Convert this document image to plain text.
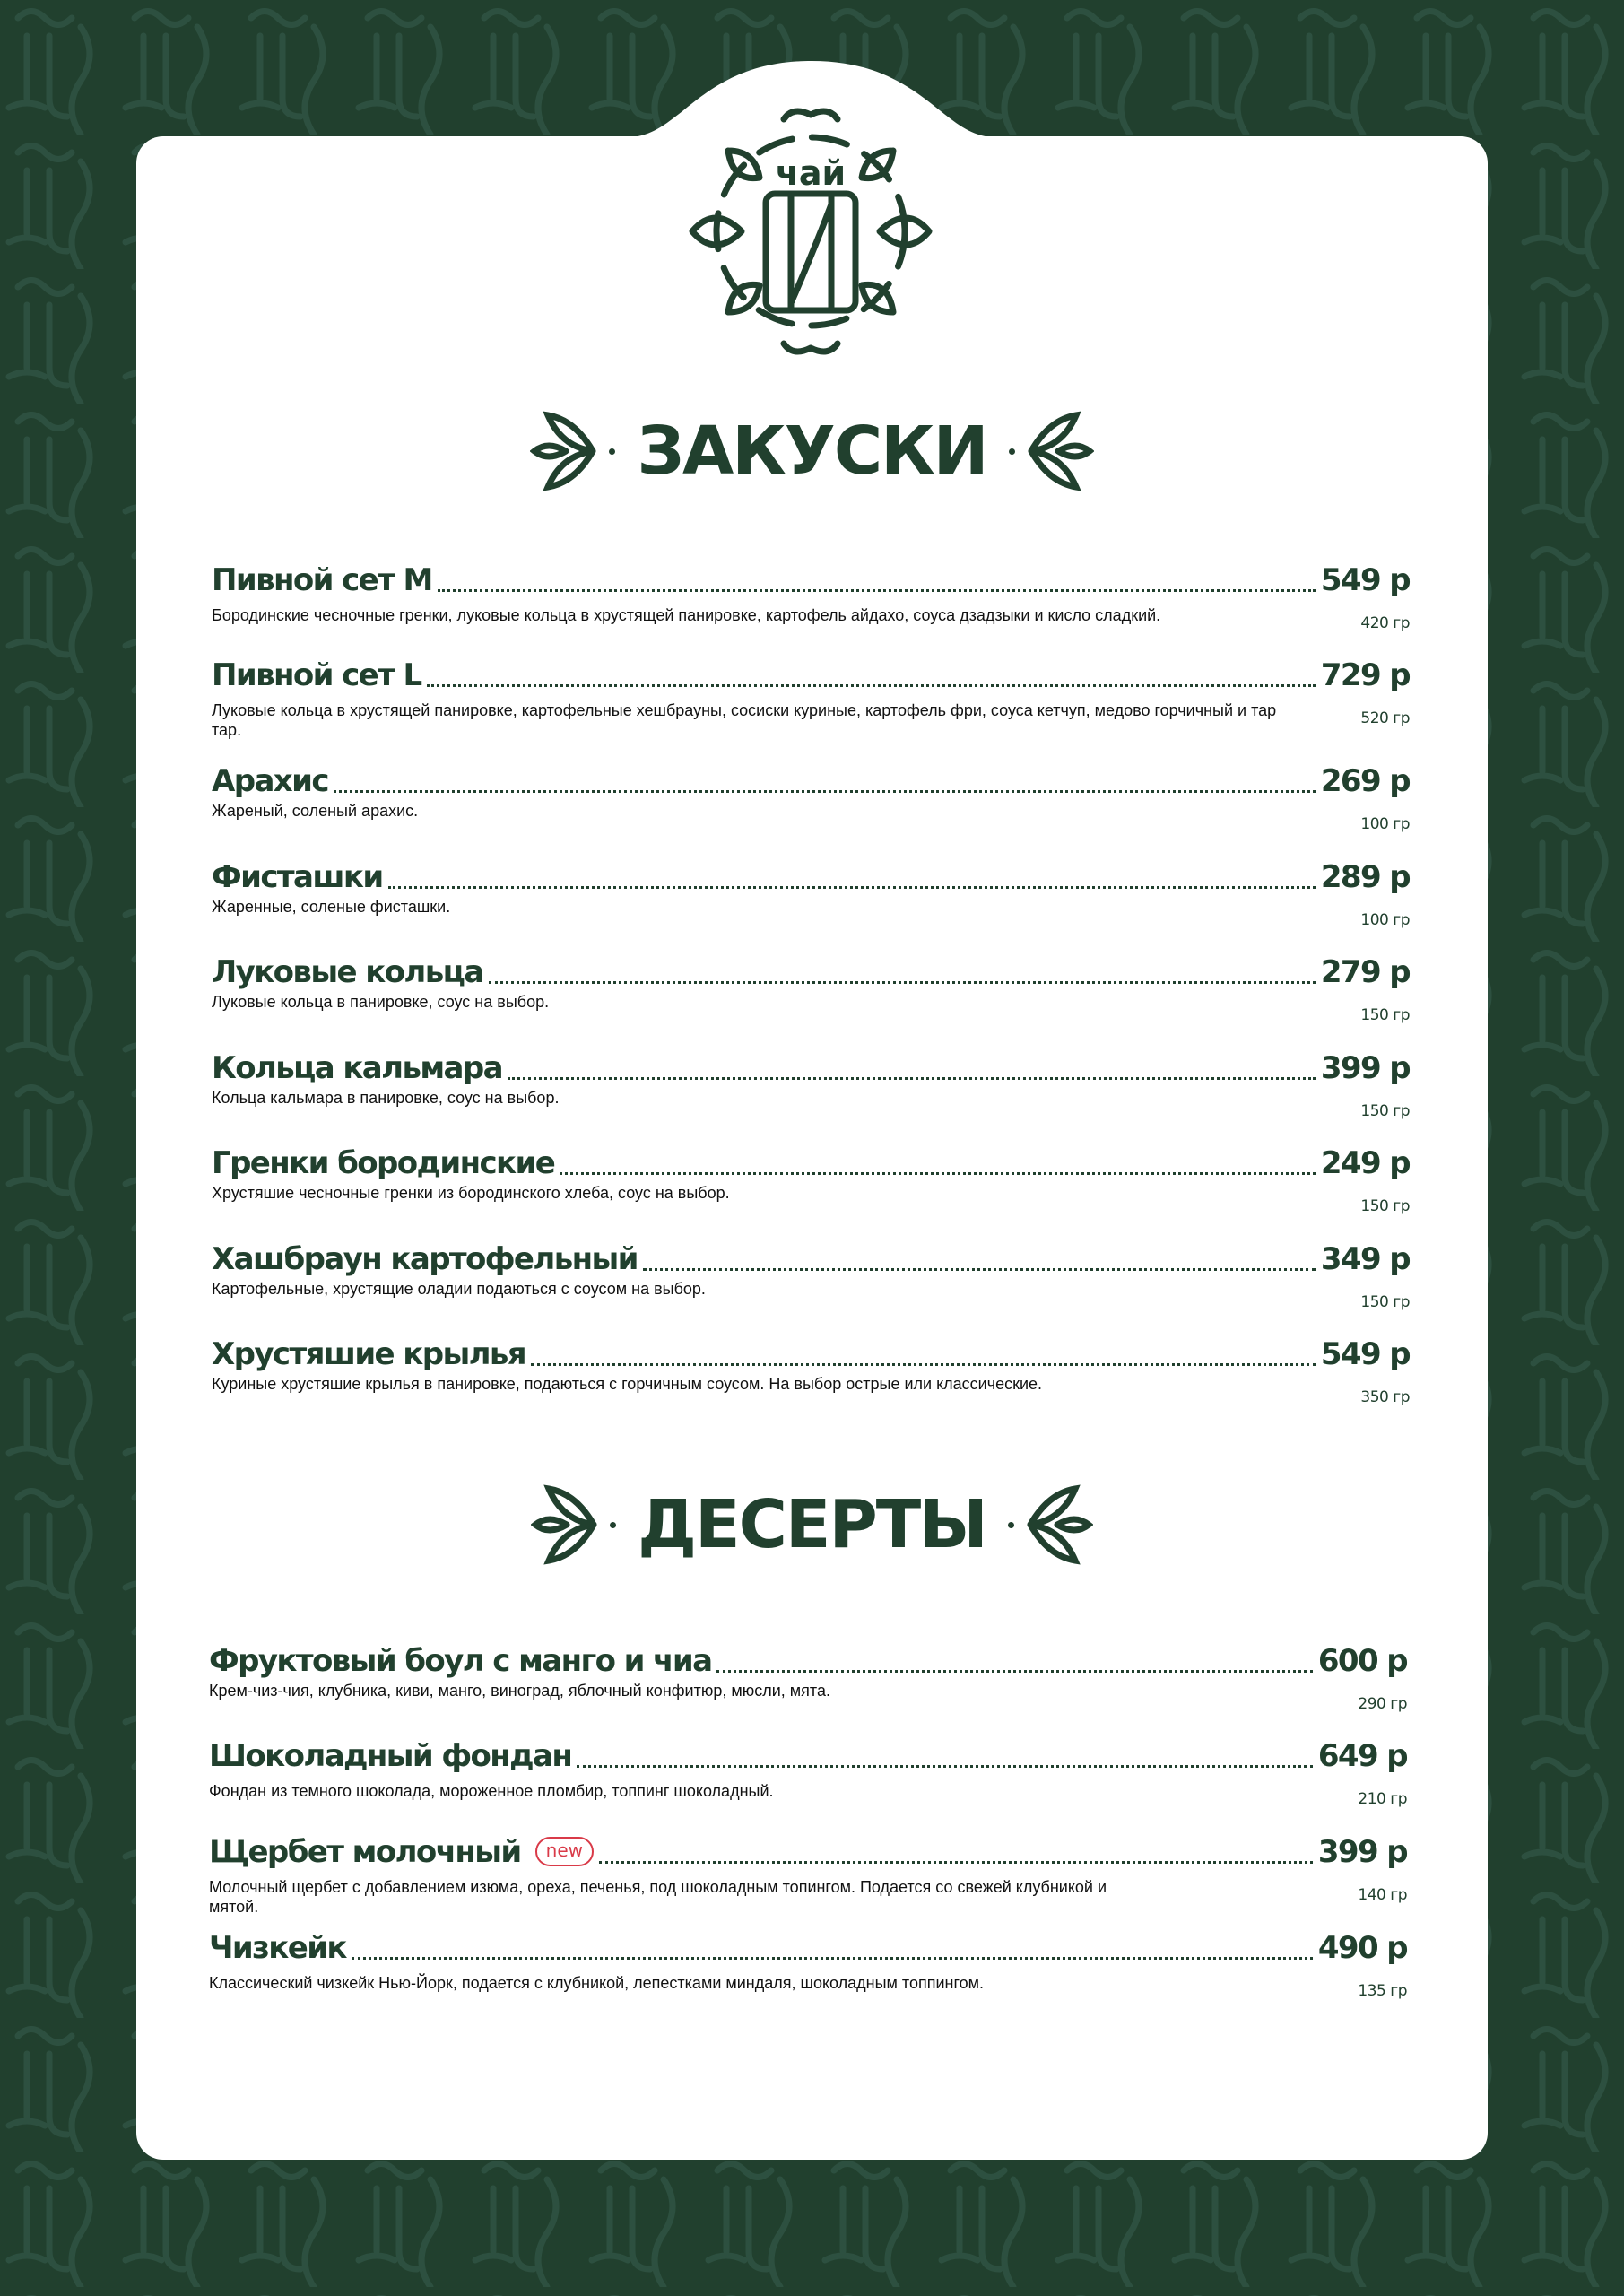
чай
ЗАКУСКИ
Пивной сет M	549 р
Бородинские чесночные гренки, луковые кольца в хрустящей панировке, картофель айдахо, соуса дзадзыки и кисло сладкий.	420 гр
Пивной сет L	729 р
Луковые кольца в хрустящей панировке, картофельные хешбрауны, сосиски куриные, картофель фри, соуса кетчуп, медово горчичный и тар тар.
520 гр
Арахис	269 р
Жареный, соленый арахис.
100 гр
Фисташки	289 р
Жаренные, соленые фисташки.
100 гр
Луковые кольца	279 р
Луковые кольца в панировке, соус на выбор.
150 гр
Кольца кальмара	399 р
Кольца кальмара в панировке, соус на выбор.
150 гр
Гренки бородинские	249 р
Хрустяшие чесночные гренки из бородинского хлеба, соус на выбор.
150 гр
Хашбраун картофельный	349 р
Картофельные, хрустящие оладии подаються с соусом на выбор.
150 гр
Хрустяшие крылья	549 р
Куриные хрустяшие крылья в панировке, подаються с горчичным соусом. На выбор острые или классические.
350 гр
ДЕСЕРТЫ
Фруктовый боул с манго и чиа	600 р
Крем-чиз-чия, клубника, киви, манго, виноград, яблочный конфитюр, мюсли, мята.
290 гр
Шоколадный фондан	649 р
Фондан из темного шоколада, мороженное пломбир, топпинг шоколадный.	210 гр
Щербет молочный	new	399 р
Молочный щербет с добавлением изюма, ореха, печенья, под шоколадным топингом. Подается со свежей клубникой и мятой.
140 гр
Чизкейк	490 р
Классический чизкейк Нью-Йорк, подается с клубникой, лепестками миндаля, шоколадным топпингом.	135 гр
